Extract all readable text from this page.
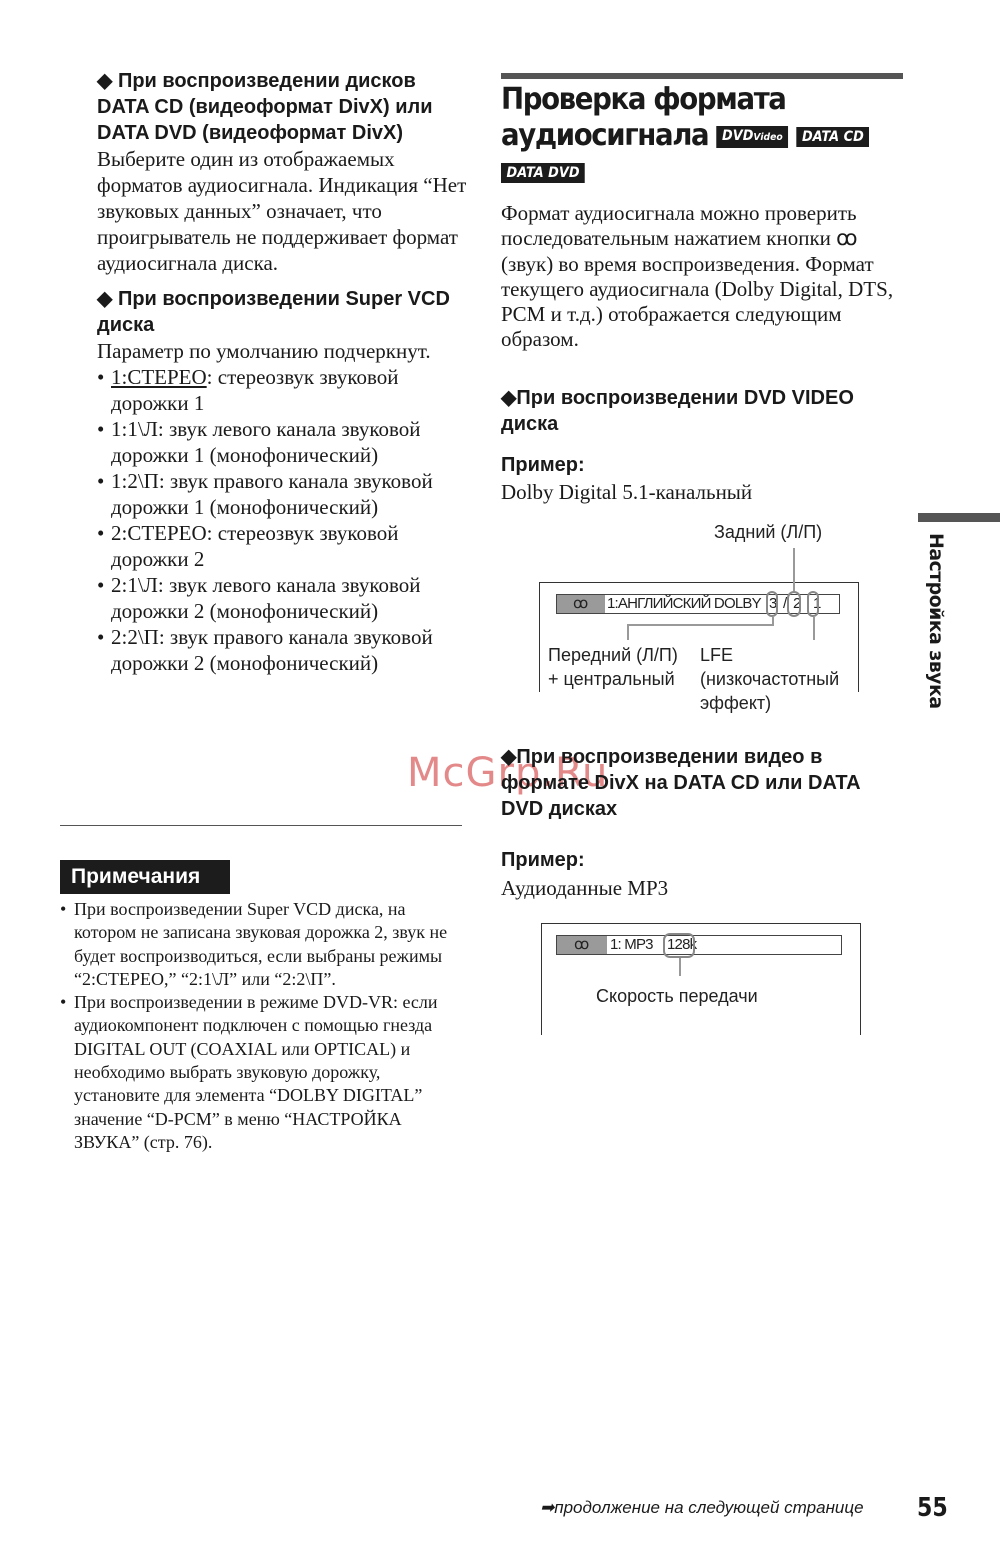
◆ При воспроизведении дисков DATA CD (видеоформат DivX) или DATA DVD (видеоформат DivX)

Выберите один из отображаемых форматов аудиосигнала. Индикация “Нет звуковых данных” означает, что проигрыватель не поддерживает формат аудиосигнала диска.

◆ При воспроизведении Super VCD диска

Параметр по умолчанию подчеркнут.

• 1:СТЕРЕО: стереозвук звуковой дорожки 1
• 1:1\Л: звук левого канала звуковой дорожки 1 (монофонический)
• 1:2\П: звук правого канала звуковой дорожки 1 (монофонический)
• 2:СТЕРЕО: стереозвук звуковой дорожки 2
• 2:1\Л: звук левого канала звуковой дорожки 2 (монофонический)
• 2:2\П: звук правого канала звуковой дорожки 2 (монофонический)
Примечания
• При воспроизведении Super VCD диска, на котором не записана звуковая дорожка 2, звук не будет воспроизводиться, если выбраны режимы “2:СТЕРЕО,” “2:1\Л” или “2:2\П”.
• При воспроизведении в режиме DVD-VR: если аудиокомпонент подключен с помощью гнезда DIGITAL OUT (COAXIAL или OPTICAL) и необходимо выбрать звуковую дорожку, установите для элемента “DOLBY DIGITAL” значение “D-PCM” в меню “НАСТРОЙКА ЗВУКА” (стр. 76).
Проверка формата
аудиосигнала DVDVideo DATA CD
DATA DVD

Формат аудиосигнала можно проверить последовательным нажатием кнопки ꝏ (звук) во время воспроизведения. Формат текущего аудиосигнала (Dolby Digital, DTS, PCM и т.д.) отображается следующим образом.

◆При воспроизведении DVD VIDEO диска

Пример:

Dolby Digital 5.1-канальный

Задний (Л/П)
ꝏ 1:АНГЛИЙСКИЙ DOLBY 3 / 2 . 1
Передний (Л/П)
+ центральный
LFE
(низкочастотный
эффект)
McGrp.Ru

◆При воспроизведении видео в формате DivX на DATA CD или DATA DVD дисках

Пример:

Аудиоданные MP3

ꝏ 1: MP3 128k
Скорость передачи
Настройка звука
➡продолжение на следующей странице 55
